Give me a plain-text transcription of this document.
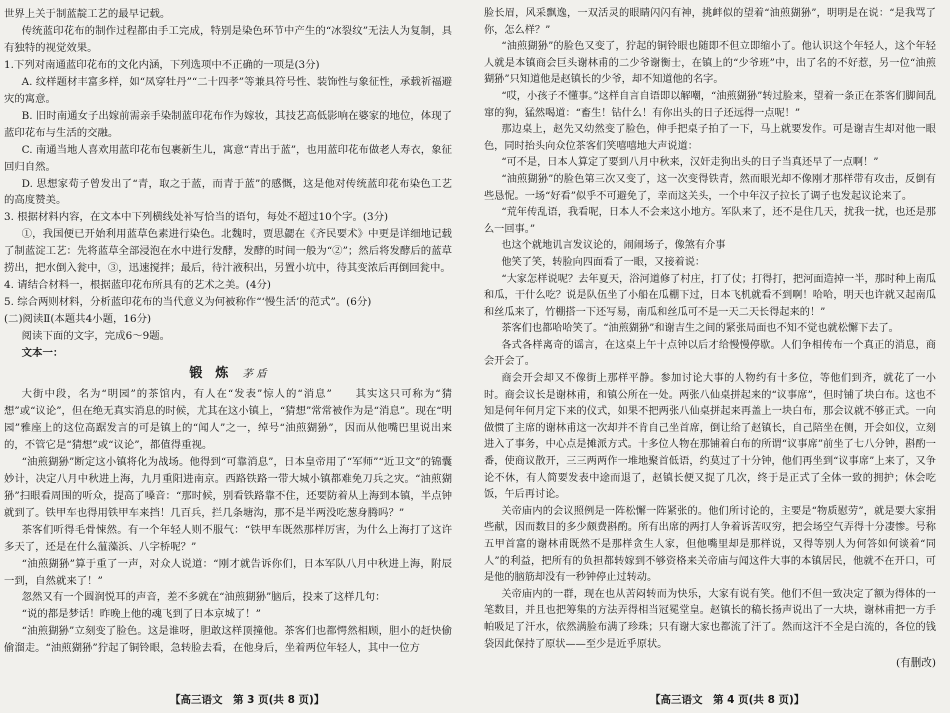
世界上关于制蓝靛工艺的最早记载。

传统蓝印花布的制作过程都由手工完成，特别是染色环节中产生的“冰裂纹”无法人为复制，具有独特的视觉效果。

1.下列对南通蓝印花布的文化内涵，下列选项中不正确的一项是(3分)

A. 纹样题材丰富多样，如“凤穿牡丹”“二十四孝”等兼具符号性、装饰性与象征性，承载祈福避灾的寓意。

B. 旧时南通女子出嫁前需亲手染制蓝印花布作为嫁妆，其技艺高低影响在婆家的地位，体现了蓝印花布与生活的交融。

C. 南通当地人喜欢用蓝印花布包裹新生儿，寓意“青出于蓝”，也用蓝印花布做老人寿衣，象征回归自然。

D. 思想家荀子曾发出了“青，取之于蓝，而青于蓝”的感慨，这是他对传统蓝印花布染色工艺的高度赞美。

3. 根据材料内容，在文本中下列横线处补写恰当的语句，每处不超过10个字。(3分)

①，我国便已开始利用蓝草色素进行染色。北魏时，贾思勰在《齐民要术》中更是详细地记载了制蓝淀工艺：先将蓝草全部浸泡在水中进行发酵，发酵的时间一般为“②”；然后将发酵后的蓝草捞出，把水倒入瓮中，③，迅速搅拌；最后，待汁液积出，另置小坑中，待其变浓后再倒回瓮中。

4. 请结合材料一，根据蓝印花布所具有的艺术之美。(4分)

5. 综合两则材料，分析蓝印花布的当代意义为何被称作“‘慢生活’的范式”。(6分)

(二)阅读Ⅱ(本题共4小题，16分)

阅读下面的文字，完成6～9题。

文本一：

锻　炼 茅 盾

大街中段，名为“明园”的茶馆内，有人在“发表”惊人的“消息”　　其实这只可称为“猜想”或“议论”，但在绝无真实消息的时候，尤其在这小镇上，“猜想”常常被作为是“消息”。现在“明园”雅座上的这位高踞发言的可是镇上的“闻人”之一，绰号“油煎猢狲”，因而从他嘴巴里说出来的，不管它是“猜想”或“议论”，都值得重视。

“油煎猢狲”断定这小镇将化为战场。他得到“可靠消息”，日本皇帝用了“军师”“近卫文”的锦囊妙计，决定八月中秋进上海，九月重阳进南京。西路铁路一带大城小镇都难免刀兵之灾。“油煎猢狲”扫眼看周围的听众，提高了嗓音：“那时候，别看铁路靠不住，还要防着从上海到本镇，半点钟就到了。铁甲车也得用铁甲车来挡！几百兵，拦几条塘沟，那不是半两没吃葱身腾吗？”

茶客们听得毛骨悚然。有一个年轻人则不服气：“铁甲车既然那样厉害，为什么上海打了这许多天了，还是在什么蕰藻浜、八字桥呢？”

“油煎猢狲”算于重了一声，对众人说道：“刚才就告诉你们，日本军队八月中秋进上海，附辰一到，自然就来了！”

忽然又有一个圆润悦耳的声音，差不多就在“油煎猢狲”脑后，投来了这样几句：

“说的都是梦话！昨晚上他的魂飞到了日本京城了！”

“油煎猢狲”立刻变了脸色。这是谁呀，胆敢这样顶撞他。茶客们也都愕然相顾，胆小的赶快偷偷溜走。“油煎猢狲”狞起了铜铃眼，急转脸去看，在他身后，坐着两位年轻人，其中一位方

脸长眉，风采飘逸，一双活灵的眼睛闪闪有神，挑衅似的望着“油煎猢狲”，明明是在说：“是我骂了你，怎么样？”

“油煎猢狲”的脸色又变了，狞起的铜铃眼也随即不但立即缩小了。他认识这个年轻人，这个年轻人就是本镇商会巨头谢林甫的二少爷谢衡士，在镇上的“少爷班”中，出了名的不好惹，另一位“油煎猢狲”只知道他是赵镇长的少爷，却不知道他的名字。

“哎，小孩子不懂事。”这样自言自语即以解嘲，“油煎猢狲”转过脸来，望着一条正在茶客们脚间乱窜的狗，猛然喝道：“畜生！钻什么！有你出头的日子还远得一点呢！”

那边桌上，赵先又幼然变了脸色，伸手把桌子拍了一下，马上就要发作。可是谢吉生却对他一眼色，同时抬头向众位茶客们笑嘻嘻地大声说道：

“可不是，日本人算定了要到八月中秋来，汉奸走狗出头的日子当真还早了一点啊！”

“油煎猢狲”的脸色第三次又变了，这一次变得铁青，然而眼光却不像刚才那样带有攻击，反倒有些恳怩。一场“好看”似乎不可避免了，幸而这关头，一个中年汉子拉长了调子也发起议论来了。

“荒年传乱语，我看呢，日本人不会来这小地方。军队来了，还不是住几天，扰我一扰，也还是那么一回事。”

也这个就地讥言发议论的，闹闹场子，像煞有介事

他笑了笑，转脸向四面看了一眼，又接着说：

“大家怎样说呢？去年夏天，浴河道修了村庄，打了仗；打得打，把河面造掉一半，那时种上南瓜和瓜，干什么吃？说是队伍坐了小船在瓜棚下过，日本飞机就看不到啊！哈哈，明天也许就又起南瓜和丝瓜来了，竹棚搭一下还写易，南瓜和丝瓜可不是一天二天长得起来的！”

茶客们也都哈哈笑了。“油煎猢狲”和谢吉生之间的紧张局面也不知不觉也就松懈下去了。

各式各样离奇的谣言，在这桌上午十点钟以后才给慢慢停歇。人们争相传布一个真正的消息，商会开会了。

商会开会却又不像街上那样平静。参加讨论大事的人物约有十多位，等他们到齐，就花了一小时。商会议长是谢林甫，和镇公所在一处。两张八仙桌拼起来的“议事席”，但时铺了块白布。这也不知是何年何月定下来的仪式，如果不把两张八仙桌拼起来再盖上一块白布，那会议就不够正式。一向做惯了主席的谢林甫这一次却并不肯自己坐首席，倒让给了赵镇长，自己陪坐在侧，开会如仪，立刻进入了事务，中心点是摊派方式。十多位人物在那铺着白布的所谓“议事席”前坐了七八分钟，斟酌一番，使商议散开，三三两两作一堆地聚首低语，约莫过了十分钟，他们再坐到“议事席”上来了，又争论不休，有人简要发表中途而退了，赵镇长便又捉了几次，终于是正式了全体一致的拥护；休会吃饭，午后再讨论。

关帝庙内的会议照例是一阵松懈一阵紧张的。他们所讨论的，主要是“物质慰劳”，就是要大家捐些献，因而数目的多少颇费斟酌。所有出席的两打人争着诉苦叹穷，把会场空气弄得十分凄惨。号称五甲首富的谢林甫既然不是那样贪生人家，但他嘴里却是那样说，又得等别人为何答如何谈着“同人”的利益，把所有的负担都转嫁到不够资格来关帝庙与闻这件大事的本镇居民，他就不在开口，可是他的脑筋却没有一秒钟停止过转动。

关帝庙内的一群，现在也从苦闷转而为快乐，大家有说有笑。他们不但一致决定了额为得体的一笔数目，并且也把筹集的方法弄得相当冠冕堂皇。赵镇长的稿长扬声说出了一大块，谢林甫把一方手帕吸足了汗水，依然满脸布满了珍珠；只有谢大家也都流了汗了。然而这汗不全是白流的，各位的钱袋因此保持了原状——至少是近乎原状。

(有删改)
【高三语文　第 3 页(共 8 页)】	【高三语文　第 4 页(共 8 页)】
